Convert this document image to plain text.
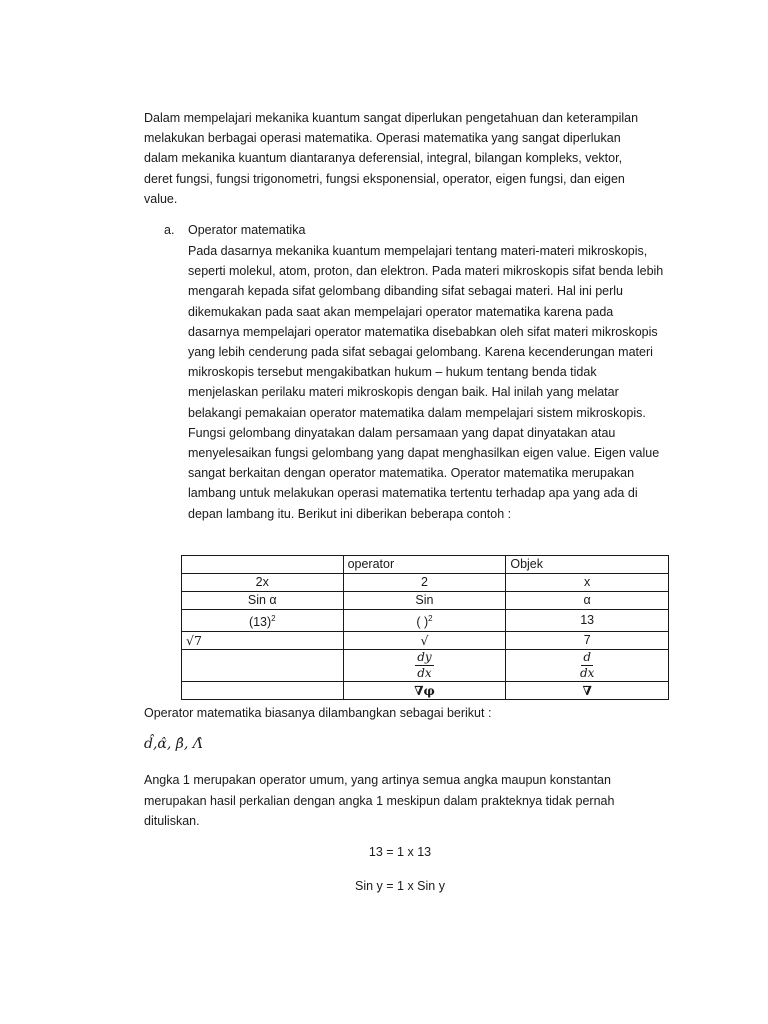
Dalam mempelajari mekanika kuantum sangat diperlukan pengetahuan dan keterampilan melakukan berbagai operasi matematika. Operasi matematika yang sangat diperlukan dalam mekanika kuantum diantaranya deferensial, integral, bilangan kompleks, vektor, deret fungsi, fungsi trigonometri, fungsi eksponensial, operator, eigen fungsi, dan eigen value.

a. Operator matematika

Pada dasarnya mekanika kuantum mempelajari tentang materi-materi mikroskopis, seperti molekul, atom, proton, dan elektron. Pada materi mikroskopis sifat benda lebih mengarah kepada sifat gelombang dibanding sifat sebagai materi. Hal ini perlu dikemukakan pada saat akan mempelajari operator matematika karena pada dasarnya mempelajari operator matematika disebabkan oleh sifat materi mikroskopis yang lebih cenderung pada sifat sebagai gelombang. Karena kecenderungan materi mikroskopis tersebut mengakibatkan hukum – hukum tentang benda tidak menjelaskan perilaku materi mikroskopis dengan baik. Hal inilah yang melatar belakangi pemakaian operator matematika dalam mempelajari sistem mikroskopis. Fungsi gelombang dinyatakan dalam persamaan yang dapat dinyatakan atau menyelesaikan fungsi gelombang yang dapat menghasilkan eigen value. Eigen value sangat berkaitan dengan operator matematika. Operator matematika merupakan lambang untuk melakukan operasi matematika tertentu terhadap apa yang ada di depan lambang itu. Berikut ini diberikan beberapa contoh :

	operator	Objek
2x	2	x
Sin α	Sin	α
$(13)^2$	( )$^2$	13
√7	√	7

	$\frac{dy}{dx}$	$\frac{d}{dx}$

	∇φ	∇
Operator matematika biasanya dilambangkan sebagai berikut :
d̂,α̂, β̂, Λ̂

Angka 1 merupakan operator umum, yang artinya semua angka maupun konstantan merupakan hasil perkalian dengan angka 1 meskipun dalam prakteknya tidak pernah dituliskan.

13 = 1 x 13
Sin y = 1 x Sin y
